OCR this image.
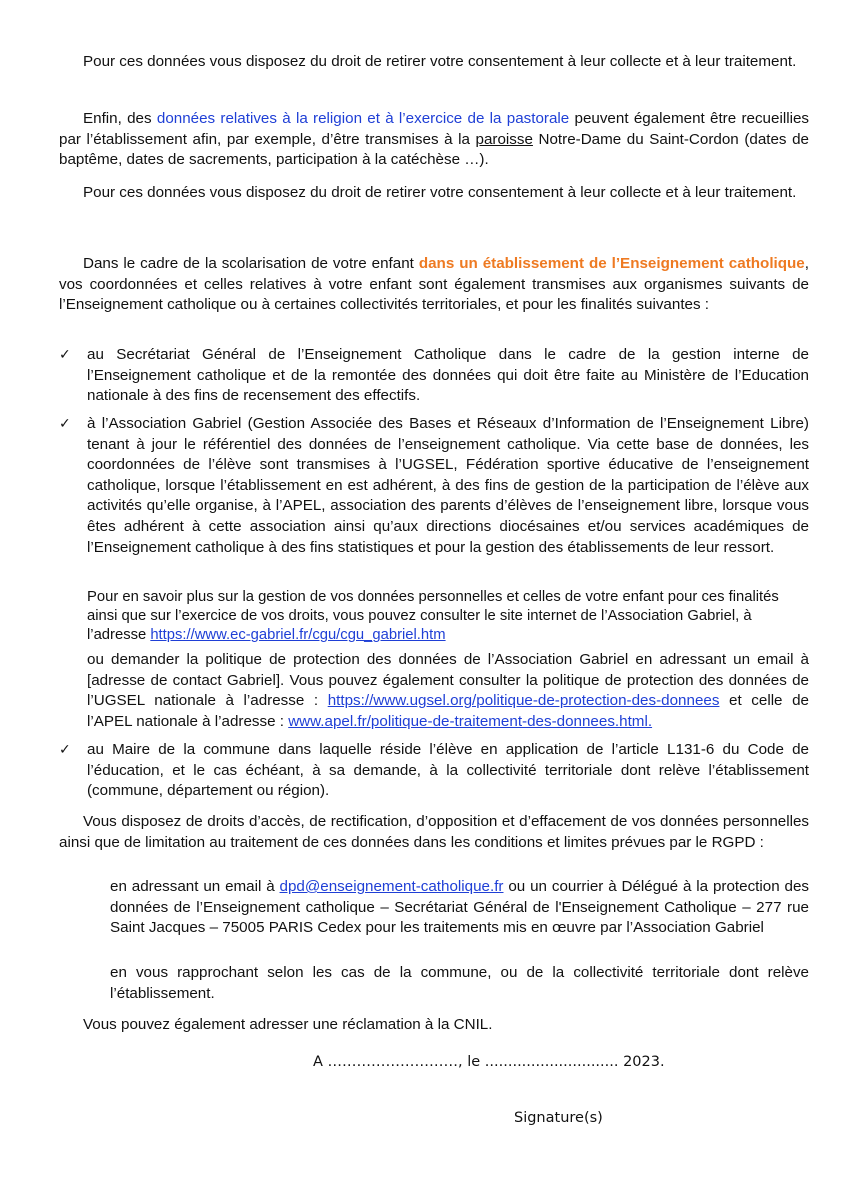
Pour ces données vous disposez du droit de retirer votre consentement à leur collecte et à leur traitement.

Enfin, des données relatives à la religion et à l’exercice de la pastorale peuvent également être recueillies par l’établissement afin, par exemple, d’être transmises à la paroisse Notre-Dame du Saint-Cordon (dates de baptême, dates de sacrements, participation à la catéchèse …).

Pour ces données vous disposez du droit de retirer votre consentement à leur collecte et à leur traitement.

Dans le cadre de la scolarisation de votre enfant dans un établissement de l’Enseignement catholique, vos coordonnées et celles relatives à votre enfant sont également transmises aux organismes suivants de l’Enseignement catholique ou à certaines collectivités territoriales, et pour les finalités suivantes :

✓	au Secrétariat Général de l’Enseignement Catholique dans le cadre de la gestion interne de l’Enseignement catholique et de la remontée des données qui doit être faite au Ministère de l’Education nationale à des fins de recensement des effectifs.

✓	à l’Association Gabriel (Gestion Associée des Bases et Réseaux d’Information de l’Enseignement Libre) tenant à jour le référentiel des données de l’enseignement catholique. Via cette base de données, les coordonnées de l’élève sont transmises à l’UGSEL, Fédération sportive éducative de l’enseignement catholique, lorsque l’établissement en est adhérent, à des fins de gestion de la participation de l’élève aux activités qu’elle organise, à l’APEL, association des parents d’élèves de l’enseignement libre, lorsque vous êtes adhérent à cette association ainsi qu’aux directions diocésaines et/ou services académiques de l’Enseignement catholique à des fins statistiques et pour la gestion des établissements de leur ressort.

Pour en savoir plus sur la gestion de vos données personnelles et celles de votre enfant pour ces finalités ainsi que sur l’exercice de vos droits, vous pouvez consulter le site internet de l’Association Gabriel, à l’adresse https://www.ec-gabriel.fr/cgu/cgu_gabriel.htm

ou demander la politique de protection des données de l’Association Gabriel en adressant un email à [adresse de contact Gabriel]. Vous pouvez également consulter la politique de protection des données de l’UGSEL nationale à l’adresse : https://www.ugsel.org/politique-de-protection-des-donnees et celle de l’APEL nationale à l’adresse : www.apel.fr/politique-de-traitement-des-donnees.html.

✓	au Maire de la commune dans laquelle réside l’élève en application de l’article L131-6 du Code de l’éducation, et le cas échéant, à sa demande, à la collectivité territoriale dont relève l’établissement (commune, département ou région).

Vous disposez de droits d’accès, de rectification, d’opposition et d’effacement de vos données personnelles ainsi que de limitation au traitement de ces données dans les conditions et limites prévues par le RGPD :

en adressant un email à dpd@enseignement-catholique.fr ou un courrier à Délégué à la protection des données de l’Enseignement catholique – Secrétariat Général de l'Enseignement Catholique – 277 rue Saint Jacques – 75005 PARIS Cedex pour les traitements mis en œuvre par l’Association Gabriel

en vous rapprochant selon les cas de la commune, ou de la collectivité territoriale dont relève l’établissement.

Vous pouvez également adresser une réclamation à la CNIL.

A ………………………, le ............................. 2023.
Signature(s)
